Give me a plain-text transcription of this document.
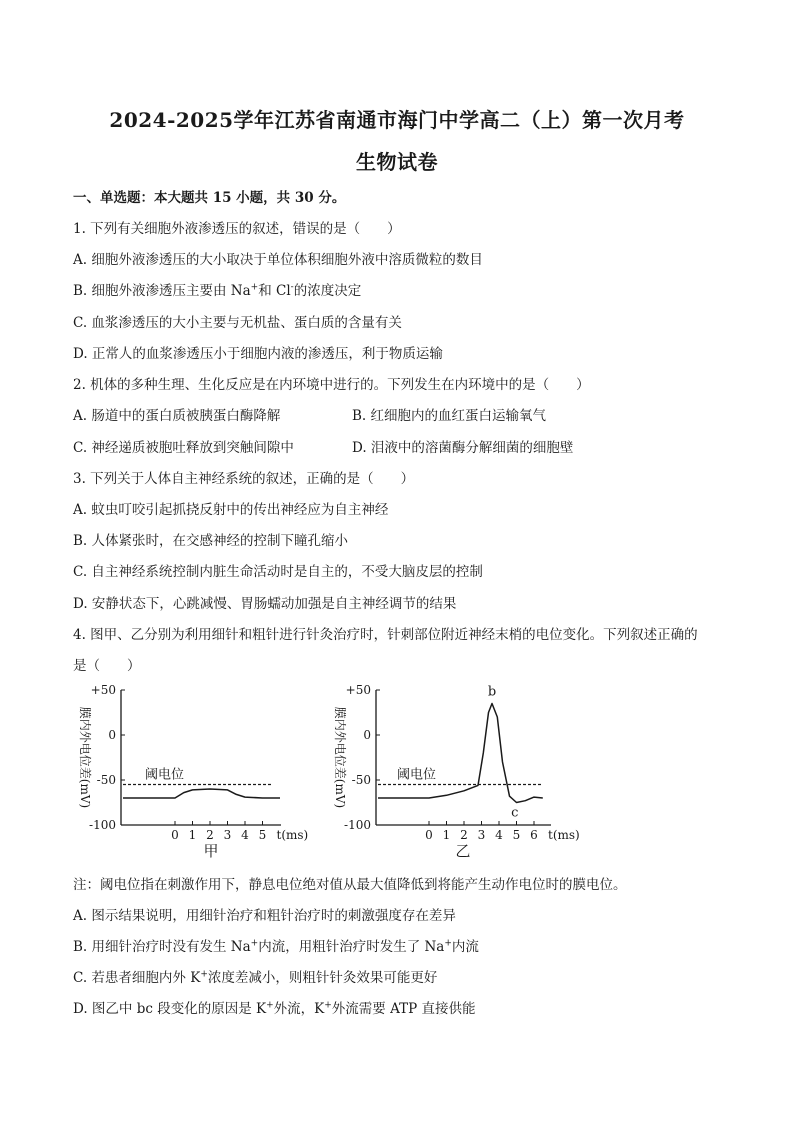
2024-2025学年江苏省南通市海门中学高二（上）第一次月考
生物试卷
一、单选题：本大题共 15 小题，共 30 分。
1. 下列有关细胞外液渗透压的叙述，错误的是（　　）
A. 细胞外液渗透压的大小取决于单位体积细胞外液中溶质微粒的数目
B. 细胞外液渗透压主要由 Na+和 Cl-的浓度决定
C. 血浆渗透压的大小主要与无机盐、蛋白质的含量有关
D. 正常人的血浆渗透压小于细胞内液的渗透压，利于物质运输
2. 机体的多种生理、生化反应是在内环境中进行的。下列发生在内环境中的是（　　）
A. 肠道中的蛋白质被胰蛋白酶降解	B. 红细胞内的血红蛋白运输氧气
C. 神经递质被胞吐释放到突触间隙中	D. 泪液中的溶菌酶分解细菌的细胞壁
3. 下列关于人体自主神经系统的叙述，正确的是（　　）
A. 蚊虫叮咬引起抓挠反射中的传出神经应为自主神经
B. 人体紧张时，在交感神经的控制下瞳孔缩小
C. 自主神经系统控制内脏生命活动时是自主的，不受大脑皮层的控制
D. 安静状态下，心跳减慢、胃肠蠕动加强是自主神经调节的结果
4. 图甲、乙分别为利用细针和粗针进行针灸治疗时，针刺部位附近神经末梢的电位变化。下列叙述正确的
是（　　）
+50
0
-50
-100
膜内外电位差(mV)
0 1 2 3 4 5 t(ms)
阈电位
甲
+50
0
-50
-100
膜内外电位差(mV)
0 1 2 3 4 5 6 t(ms)
阈电位
b
c
乙
注：阈电位指在刺激作用下，静息电位绝对值从最大值降低到将能产生动作电位时的膜电位。
A. 图示结果说明，用细针治疗和粗针治疗时的刺激强度存在差异
B. 用细针治疗时没有发生 Na+内流，用粗针治疗时发生了 Na+内流
C. 若患者细胞内外 K+浓度差减小，则粗针针灸效果可能更好
D. 图乙中 bc 段变化的原因是 K+外流，K+外流需要 ATP 直接供能
